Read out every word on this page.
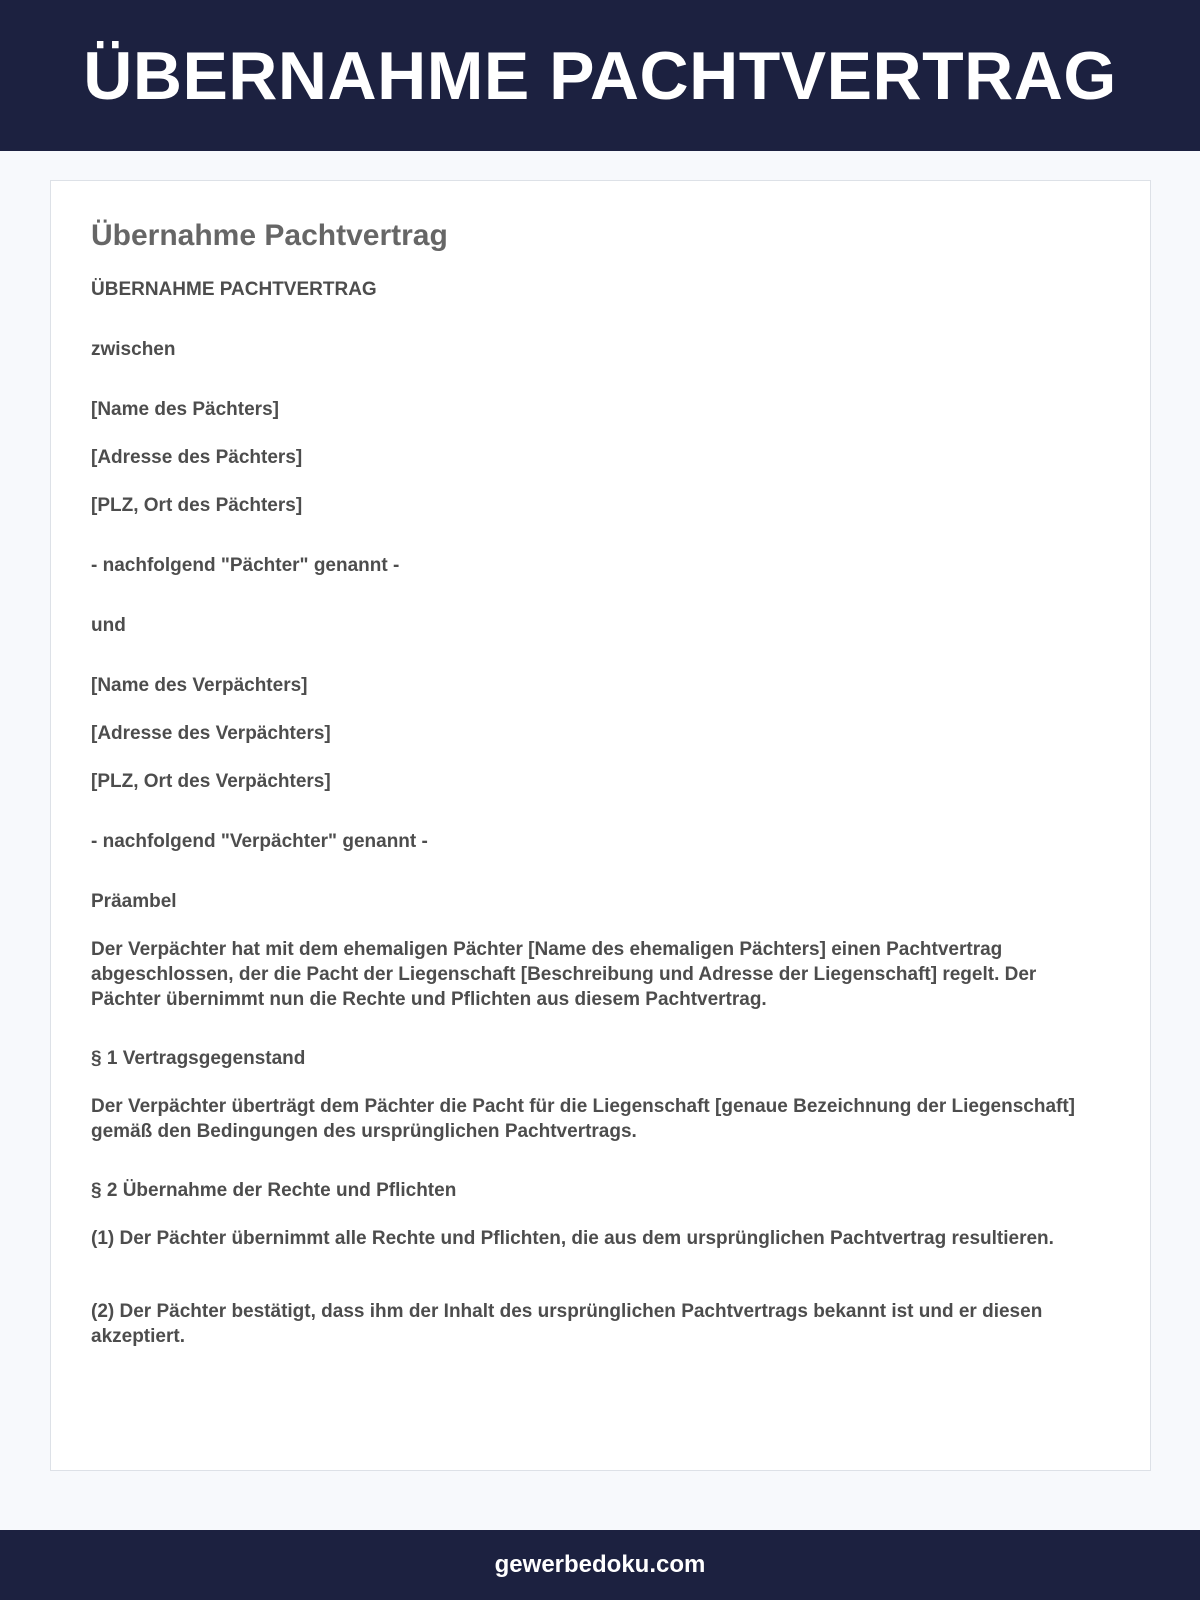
ÜBERNAHME PACHTVERTRAG
Übernahme Pachtvertrag
ÜBERNAHME PACHTVERTRAG
zwischen
[Name des Pächters]
[Adresse des Pächters]
[PLZ, Ort des Pächters]
- nachfolgend "Pächter" genannt -
und
[Name des Verpächters]
[Adresse des Verpächters]
[PLZ, Ort des Verpächters]
- nachfolgend "Verpächter" genannt -
Präambel
Der Verpächter hat mit dem ehemaligen Pächter [Name des ehemaligen Pächters] einen Pachtvertrag abgeschlossen, der die Pacht der Liegenschaft [Beschreibung und Adresse der Liegenschaft] regelt. Der Pächter übernimmt nun die Rechte und Pflichten aus diesem Pachtvertrag.
§ 1 Vertragsgegenstand
Der Verpächter überträgt dem Pächter die Pacht für die Liegenschaft [genaue Bezeichnung der Liegenschaft] gemäß den Bedingungen des ursprünglichen Pachtvertrags.
§ 2 Übernahme der Rechte und Pflichten
(1) Der Pächter übernimmt alle Rechte und Pflichten, die aus dem ursprünglichen Pachtvertrag resultieren.
(2) Der Pächter bestätigt, dass ihm der Inhalt des ursprünglichen Pachtvertrags bekannt ist und er diesen akzeptiert.
gewerbedoku.com
